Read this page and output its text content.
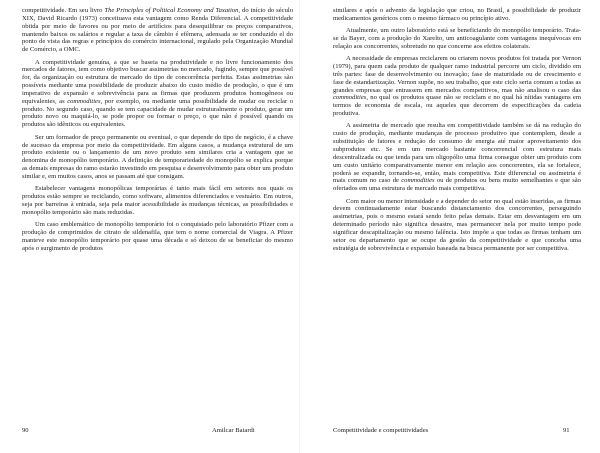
competitividade. Em seu livro The Principles of Political Economy and Taxation, do início do século XIX, David Ricardo (1973) conceituava esta vantagem como Renda Diferencial. A competitividade obtida por meio de favores ou por meio de artifícios para desequilibrar os preços comparativos, mantendo baixos os salários e regular a taxa de câmbio é efêmera, adensada se ter conduzido el do ponto de vista das regras e princípios do comércio internacional, regulado pela Organização Mundial de Comércio, a OMC.

A competitividade genuína, a que se baseia na produtividade e no livre funcionamento dos mercados de fatores, tem como objetivo buscar assimetrias no mercado, fugindo, sempre que possível for, da organização ou estrutura de mercado do tipo de concorrência perfeita. Estas assimetrias são possíveis mediante uma possibilidade de produzir abaixo do custo médio de produção, o que é um imperativo de expansão e sobrevivência para as firmas que produzem produtos homogêneos ou equivalentes, as commodities, por exemplo, ou mediante uma possibilidade de mudar ou reciclar o produto. No segundo caso, quando se tem capacidade de mudar estruturalmente o produto, gerar um produto novo ou maquiá-lo, se pode propor ou formar o preço, o que não é possível quando os produtos são idênticos ou equivalentes.

Ser um formador de preço permanente ou eventual, o que depende do tipo de negócio, é a chave de sucesso da empresa por meio da competitividade. Em alguns casos, a mudança estrutural de um produto existente ou o lançamento de um novo produto sem similares cria a vantagem que se denomina de monopólio temporário. A definição de temporariedade do monopólio se explica porque as demais empresas do ramo estarão investindo em pesquisa e desenvolvimento para obter um produto similar e, em muitos casos, anos se passam até que consigam.

Estabelecer vantagens monopólicas temporárias é tanto mais fácil em setores nos quais os produtos estão sempre se reciclando, como software, alimentos diferenciados e vestuário. Em outros, seja por barreiras à entrada, seja pela maior acessibilidade às mudanças técnicas, as possibilidades e monopólio temporário são mais reduzidas.

Um caso emblemático de monopólio temporário foi o conquistado pelo laboratório Pfizer com a produção de comprimidos de citrato de sildenafila, que tem o nome comercial de Viagra. A Pfizer manteve este monopólio temporário por quase uma década e só deixou de se beneficiar do mesmo após o surgimento de produtos

90	Amilcar Baiardi

similares e após o advento da legislação que criou, no Brasil, a possibilidade de produzir medicamentos genéricos com o mesmo fármaco ou princípio ativo.

Atualmente, um outro laboratório está se beneficiando do monopólio temporário. Trata-se da Bayer, com a produção do Xarelto, um anticoagulante com vantagens inequívocas em relação aos concorrentes, sobretudo no que concerne aos efeitos colaterais.

A necessidade de empresas reciclarem ou criarem novos produtos foi tratada por Vernon (1979), para quem cada produto de qualquer ramo industrial percorre um ciclo, dividido em três partes: fase de desenvolvimento ou inovação; fase de maturidade ou de crescimento e fase de estandartização. Vernon supõe, no seu trabalho, que este ciclo seria comum a todas as grandes empresas que entrassem em mercados competitivos, mas não analisou o caso das commodities, no qual os produtos quase não se reciclam e no qual há nítidas vantagens em termos de economia de escala, ou aqueles que decorrem de especificações da cadeia produtiva.

A assimetria de mercado que resulta em competitividade também se dá na redução do custo de produção, mediante mudanças de processo produtivo que contemplem, desde a substituição de fatores e redução do consumo de energia até maior aproveitamento dos subprodutos etc. Se em um mercado bastante concorrencial com estrutura mais descentralizada ou que tenda para um oligopólio uma firma consegue obter um produto com um custo unitário comparativamente menor em relação aos concorrentes, ela se fortalece, poderá se expandir, tornando-se, então, mais competitiva. Este diferencial ou assimetria é mais comum no caso de commodities ou de produtos ou bens muito semelhantes e que são ofertados em uma estrutura de mercado mais competitiva.

Com maior ou menor intensidade e a depender do setor no qual estão inseridas, as firmas devem continuadamente estar buscando distanciamento dos concorrentes, perseguindo assimetrias, pois o mesmo estará sendo feito pelas demais. Estar em desvantagem em um determinado período não significa desastre, mas permanecer nela por muito tempo pode significar descapitalização ou mesmo falência. Isto impõe a que todas as firmas tenham um setor ou departamento que se ocupe da gestão da competitividade e que conceba uma estratégia de sobrevivência e expansão baseada na busca permanente por ser competitiva.

Competitividade e competitividades	91
